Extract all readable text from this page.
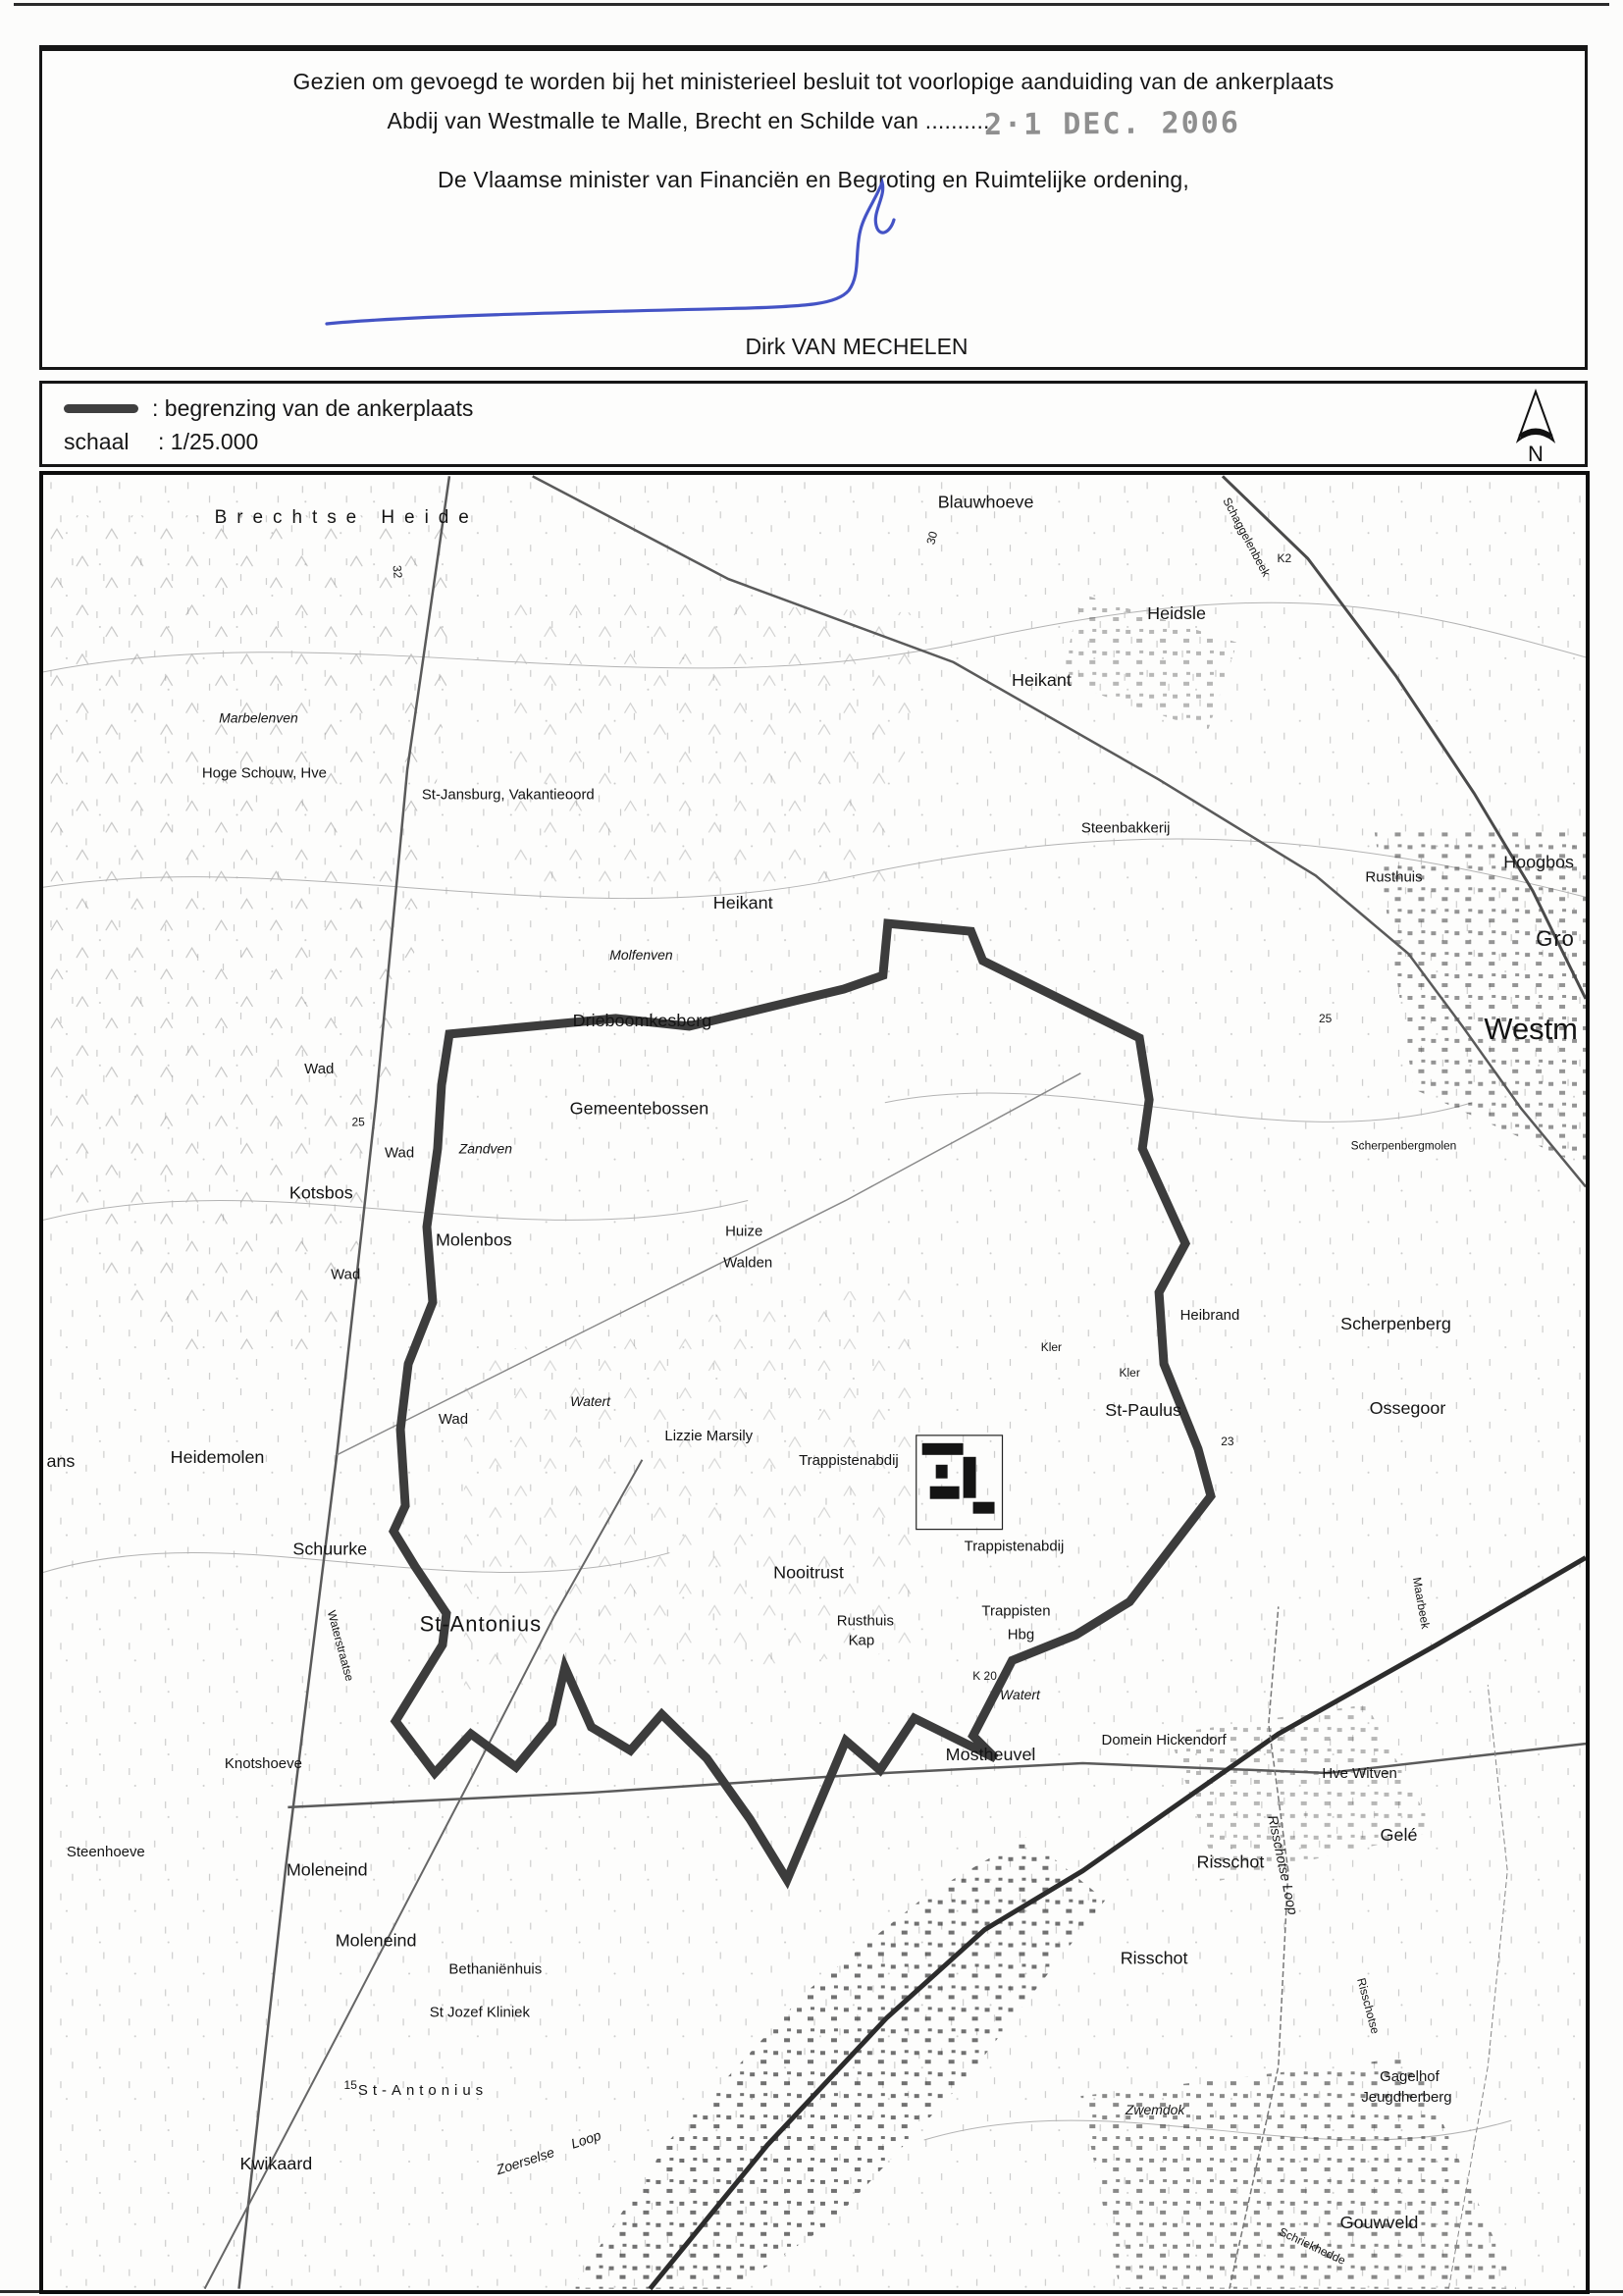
Gezien om gevoegd te worden bij het ministerieel besluit tot voorlopige aanduiding van de ankerplaats
Abdij van Westmalle te Malle, Brecht en Schilde van ..........2·1 DEC. 2006
De Vlaamse minister van Financiën en Begroting en Ruimtelijke ordening,
Dirk VAN MECHELEN
: begrenzing van de ankerplaats
schaal	: 1/25.000	N
Brechtse Heide
Blauwhoeve
Heidsle
Heikant
Schaggelenbeek K2
30
32
Marbelenven
Hoge Schouw, Hve
St-Jansburg, Vakantieoord
Steenbakkerij
Rusthuis
Hoogbos
Gro
Westm
25
25
Scherpenbergmolen
Heikant
Molfenven
Drieboomkesberg
Gemeentebossen
Wad
Wad
Wad
Wad
Zandven
Kotsbos
Molenbos	Huize
Walden
Heibrand	Scherpenberg
Ossegoor
Kler
Kler
St-Paulus
23
Maarbeek
Trappistenabdij
Trappistenabdij
Nooitrust
Rusthuis
Kap
Trappisten
Hbg
K 20
Watert
Watert
Lizzie Marsily
Mostheuvel
Domein Hickendorf
Hve Witven
Gelé
Risschot
Risschot
Risschotse Loop
Heidemolen
ans
Schuurke
St-Antonius
Waterstraatse
Knotshoeve
Steenhoeve
Moleneind
Moleneind
Bethaniënhuis
St Jozef Kliniek
Kwikaard
St-Antonius
15
Zoerselse
Loop
Risschotse
Gagelhof
Jeugdherberg
Zwemdok
Gouwveld
Schriekhedde
